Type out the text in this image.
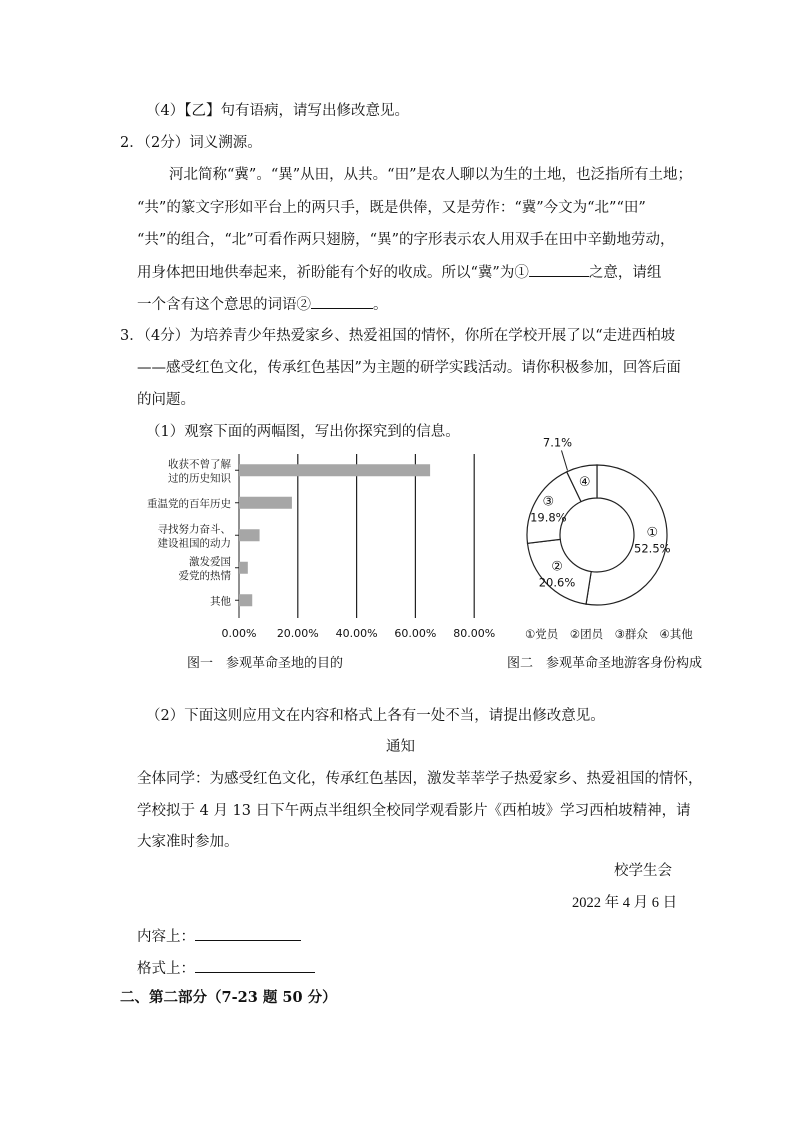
（4）【乙】句有语病，请写出修改意见。
2．（2分）词义溯源。
河北简称“冀”。“異”从田，从共。“田”是农人聊以为生的土地，也泛指所有土地；
“共”的篆文字形如平台上的两只手，既是供俸，又是劳作：“冀”今文为“北”“田”
“共”的组合，“北”可看作两只翅膀，“異”的字形表示农人用双手在田中辛勤地劳动，
用身体把田地供奉起来，祈盼能有个好的收成。所以“冀”为①	之意，请组
一个含有这个意思的词语②	。
3．（4分）为培养青少年热爱家乡、热爱祖国的情怀，你所在学校开展了以“走进西柏坡
——感受红色文化，传承红色基因”为主题的研学实践活动。请你积极参加，回答后面
的问题。
（1）观察下面的两幅图，写出你探究到的信息。
收获不曾了解
过的历史知识
重温党的百年历史
寻找努力奋斗、
建设祖国的动力
激发爱国
爱党的热情
其他
0.00% 20.00% 40.00% 60.00% 80.00%
图一　参观革命圣地的目的
①
52.5%
②
20.6%
③
19.8%
④
7.1%
①党员　②团员　③群众　④其他
图二　参观革命圣地游客身份构成
（2）下面这则应用文在内容和格式上各有一处不当，请提出修改意见。
通知
全体同学：为感受红色文化，传承红色基因，激发莘莘学子热爱家乡、热爱祖国的情怀，
学校拟于 4 月 13 日下午两点半组织全校同学观看影片《西柏坡》学习西柏坡精神，请
大家准时参加。
校学生会
2022 年 4 月 6 日
内容上：
格式上：
二、第二部分（7-23 题 50 分）
